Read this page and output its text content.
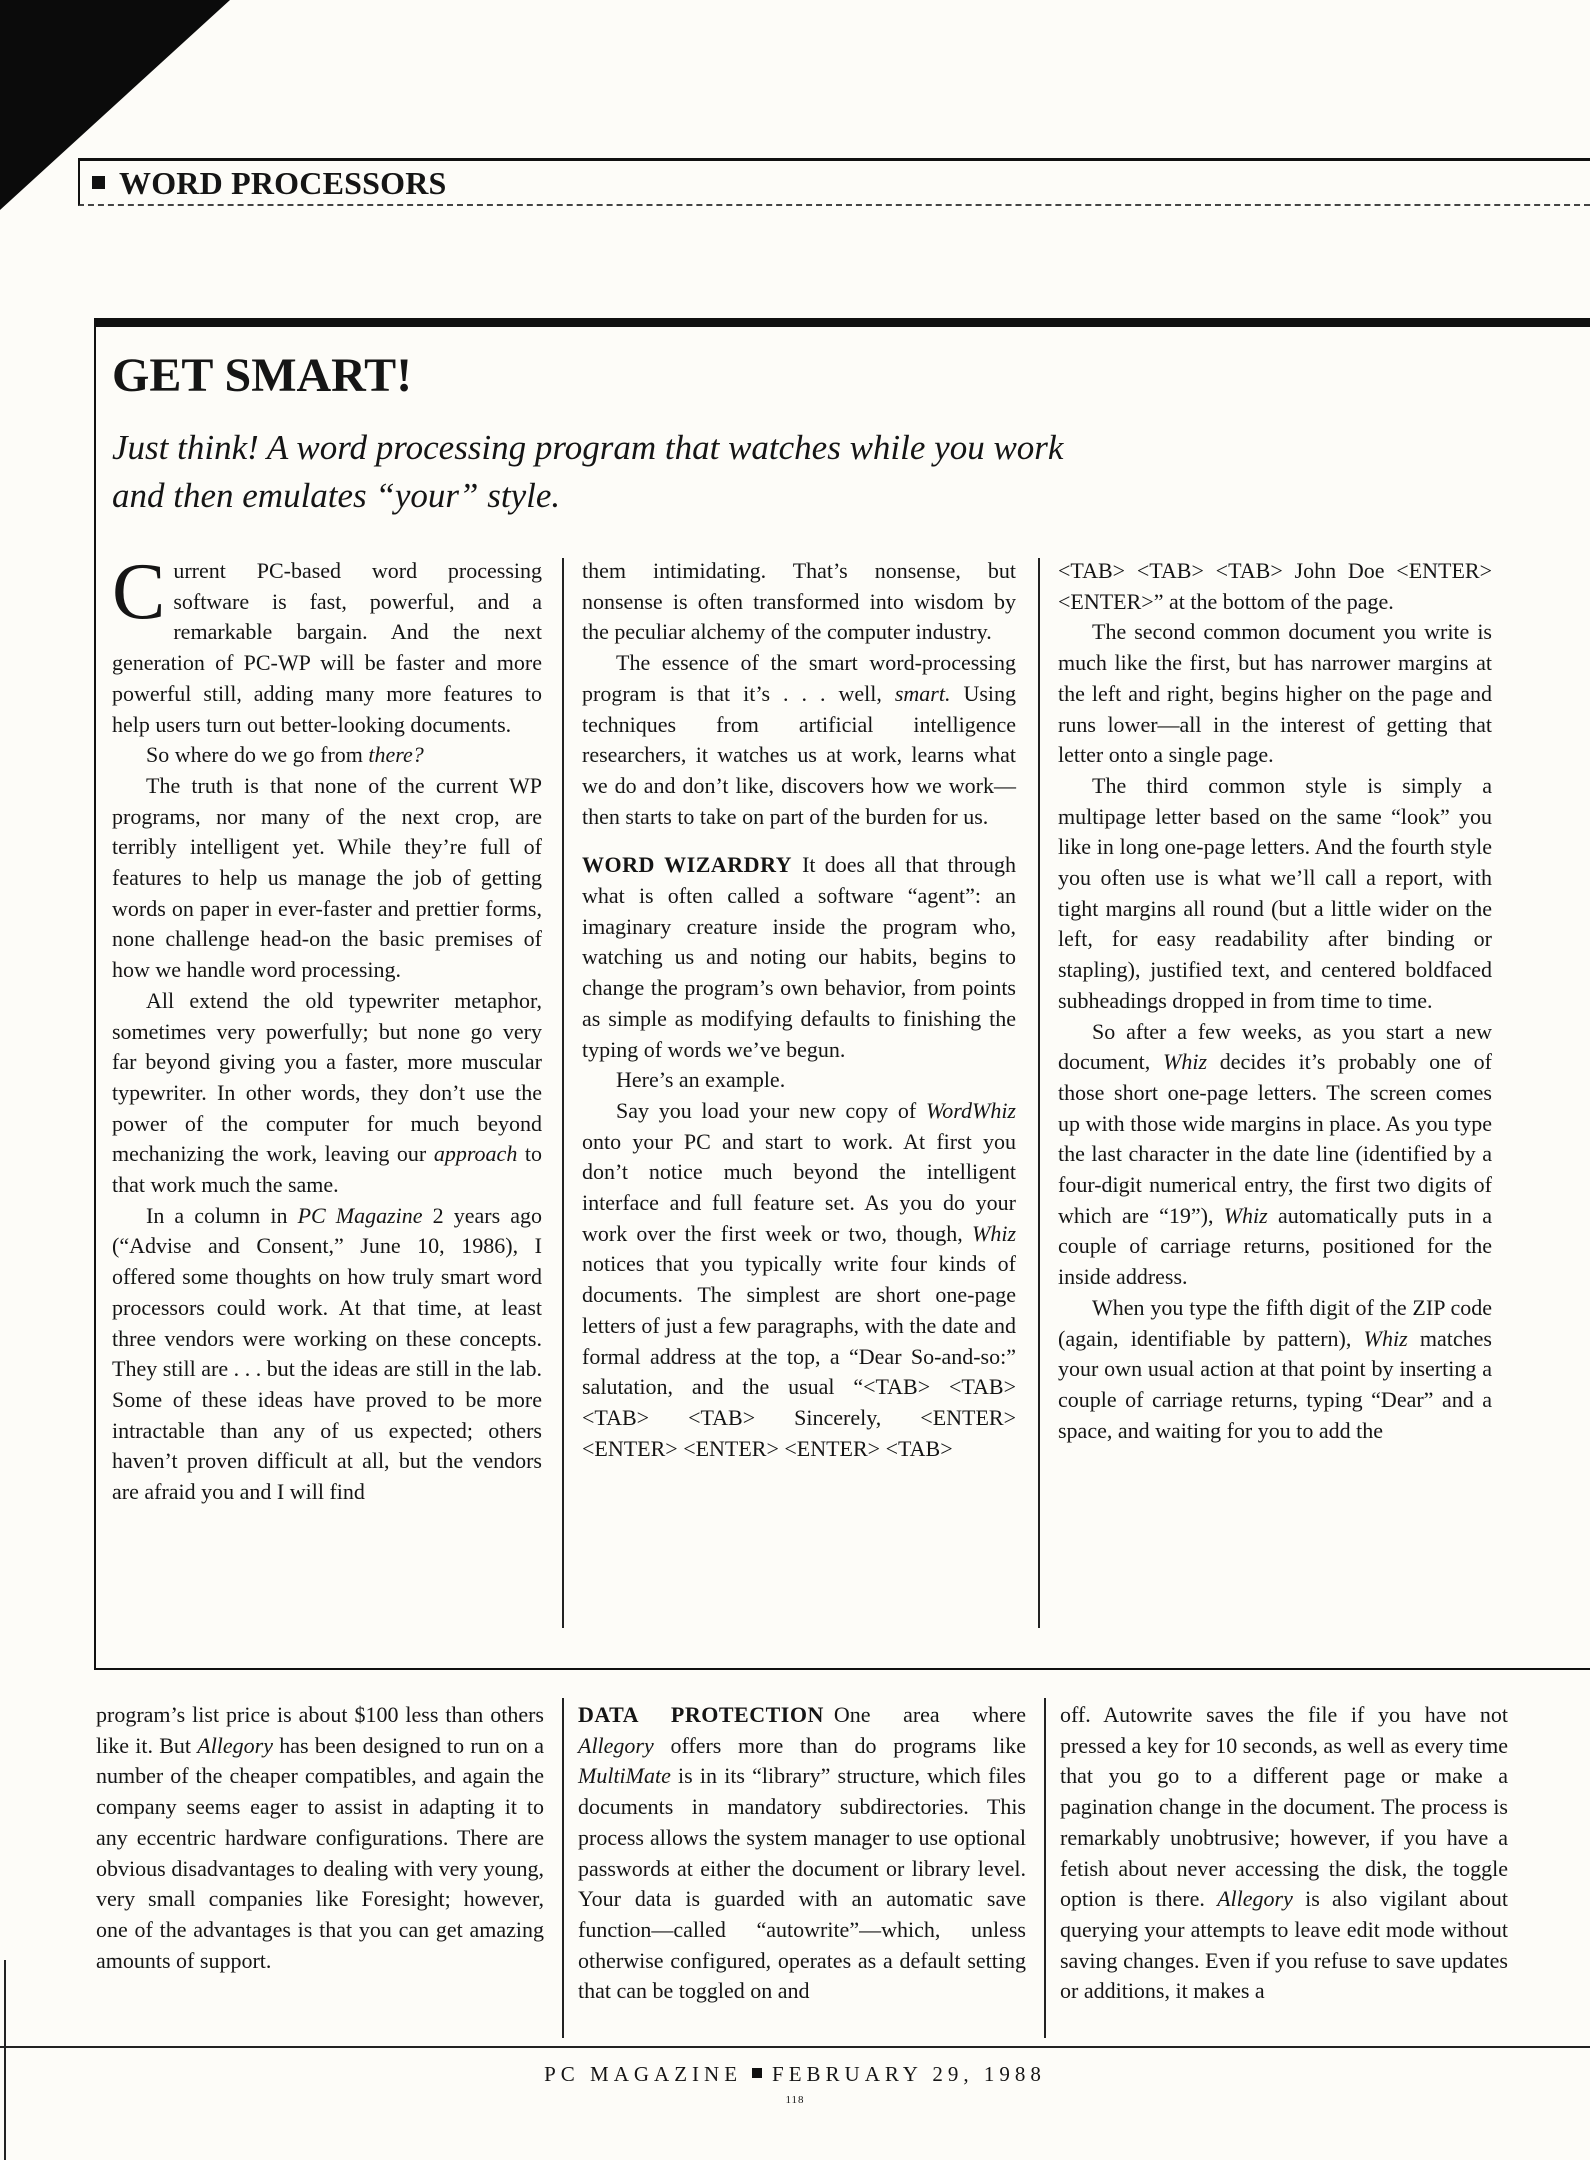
WORD PROCESSORS
GET SMART!
Just think! A word processing program that watches while you work and then emulates “your” style.

Current PC-based word processing software is fast, powerful, and a remarkable bargain. And the next generation of PC-WP will be faster and more powerful still, adding many more features to help users turn out better-looking documents.

So where do we go from there?

The truth is that none of the current WP programs, nor many of the next crop, are terribly intelligent yet. While they’re full of features to help us manage the job of getting words on paper in ever-faster and prettier forms, none challenge head-on the basic premises of how we handle word processing.

All extend the old typewriter metaphor, sometimes very powerfully; but none go very far beyond giving you a faster, more muscular typewriter. In other words, they don’t use the power of the computer for much beyond mechanizing the work, leaving our approach to that work much the same.

In a column in PC Magazine 2 years ago (“Advise and Consent,” June 10, 1986), I offered some thoughts on how truly smart word processors could work. At that time, at least three vendors were working on these concepts. They still are . . . but the ideas are still in the lab. Some of these ideas have proved to be more intractable than any of us expected; others haven’t proven difficult at all, but the vendors are afraid you and I will find

them intimidating. That’s nonsense, but nonsense is often transformed into wisdom by the peculiar alchemy of the computer industry.

The essence of the smart word-processing program is that it’s . . . well, smart. Using techniques from artificial intelligence researchers, it watches us at work, learns what we do and don’t like, discovers how we work—then starts to take on part of the burden for us.

WORD WIZARDRY It does all that through what is often called a software “agent”: an imaginary creature inside the program who, watching us and noting our habits, begins to change the program’s own behavior, from points as simple as modifying defaults to finishing the typing of words we’ve begun.

Here’s an example.

Say you load your new copy of WordWhiz onto your PC and start to work. At first you don’t notice much beyond the intelligent interface and full feature set. As you do your work over the first week or two, though, Whiz notices that you typically write four kinds of documents. The simplest are short one-page letters of just a few paragraphs, with the date and formal address at the top, a “Dear So-and-so:” salutation, and the usual “<TAB> <TAB> <TAB> <TAB> Sincerely, <ENTER> <ENTER> <ENTER> <ENTER> <TAB>

<TAB> <TAB> <TAB> John Doe <ENTER> <ENTER>” at the bottom of the page.

The second common document you write is much like the first, but has narrower margins at the left and right, begins higher on the page and runs lower—all in the interest of getting that letter onto a single page.

The third common style is simply a multipage letter based on the same “look” you like in long one-page letters. And the fourth style you often use is what we’ll call a report, with tight margins all round (but a little wider on the left, for easy readability after binding or stapling), justified text, and centered boldfaced subheadings dropped in from time to time.

So after a few weeks, as you start a new document, Whiz decides it’s probably one of those short one-page letters. The screen comes up with those wide margins in place. As you type the last character in the date line (identified by a four-digit numerical entry, the first two digits of which are “19”), Whiz automatically puts in a couple of carriage returns, positioned for the inside address.

When you type the fifth digit of the ZIP code (again, identifiable by pattern), Whiz matches your own usual action at that point by inserting a couple of carriage returns, typing “Dear” and a space, and waiting for you to add the

program’s list price is about $100 less than others like it. But Allegory has been designed to run on a number of the cheaper compatibles, and again the company seems eager to assist in adapting it to any eccentric hardware configurations. There are obvious disadvantages to dealing with very young, very small companies like Foresight; however, one of the advantages is that you can get amazing amounts of support.

DATA PROTECTION One area where Allegory offers more than do programs like MultiMate is in its “library” structure, which files documents in mandatory subdirectories. This process allows the system manager to use optional passwords at either the document or library level. Your data is guarded with an automatic save function—called “autowrite”—which, unless otherwise configured, operates as a default setting that can be toggled on and

off. Autowrite saves the file if you have not pressed a key for 10 seconds, as well as every time that you go to a different page or make a pagination change in the document. The process is remarkably unobtrusive; however, if you have a fetish about never accessing the disk, the toggle option is there. Allegory is also vigilant about querying your attempts to leave edit mode without saving changes. Even if you refuse to save updates or additions, it makes a

PC MAGAZINE FEBRUARY 29, 1988
118
